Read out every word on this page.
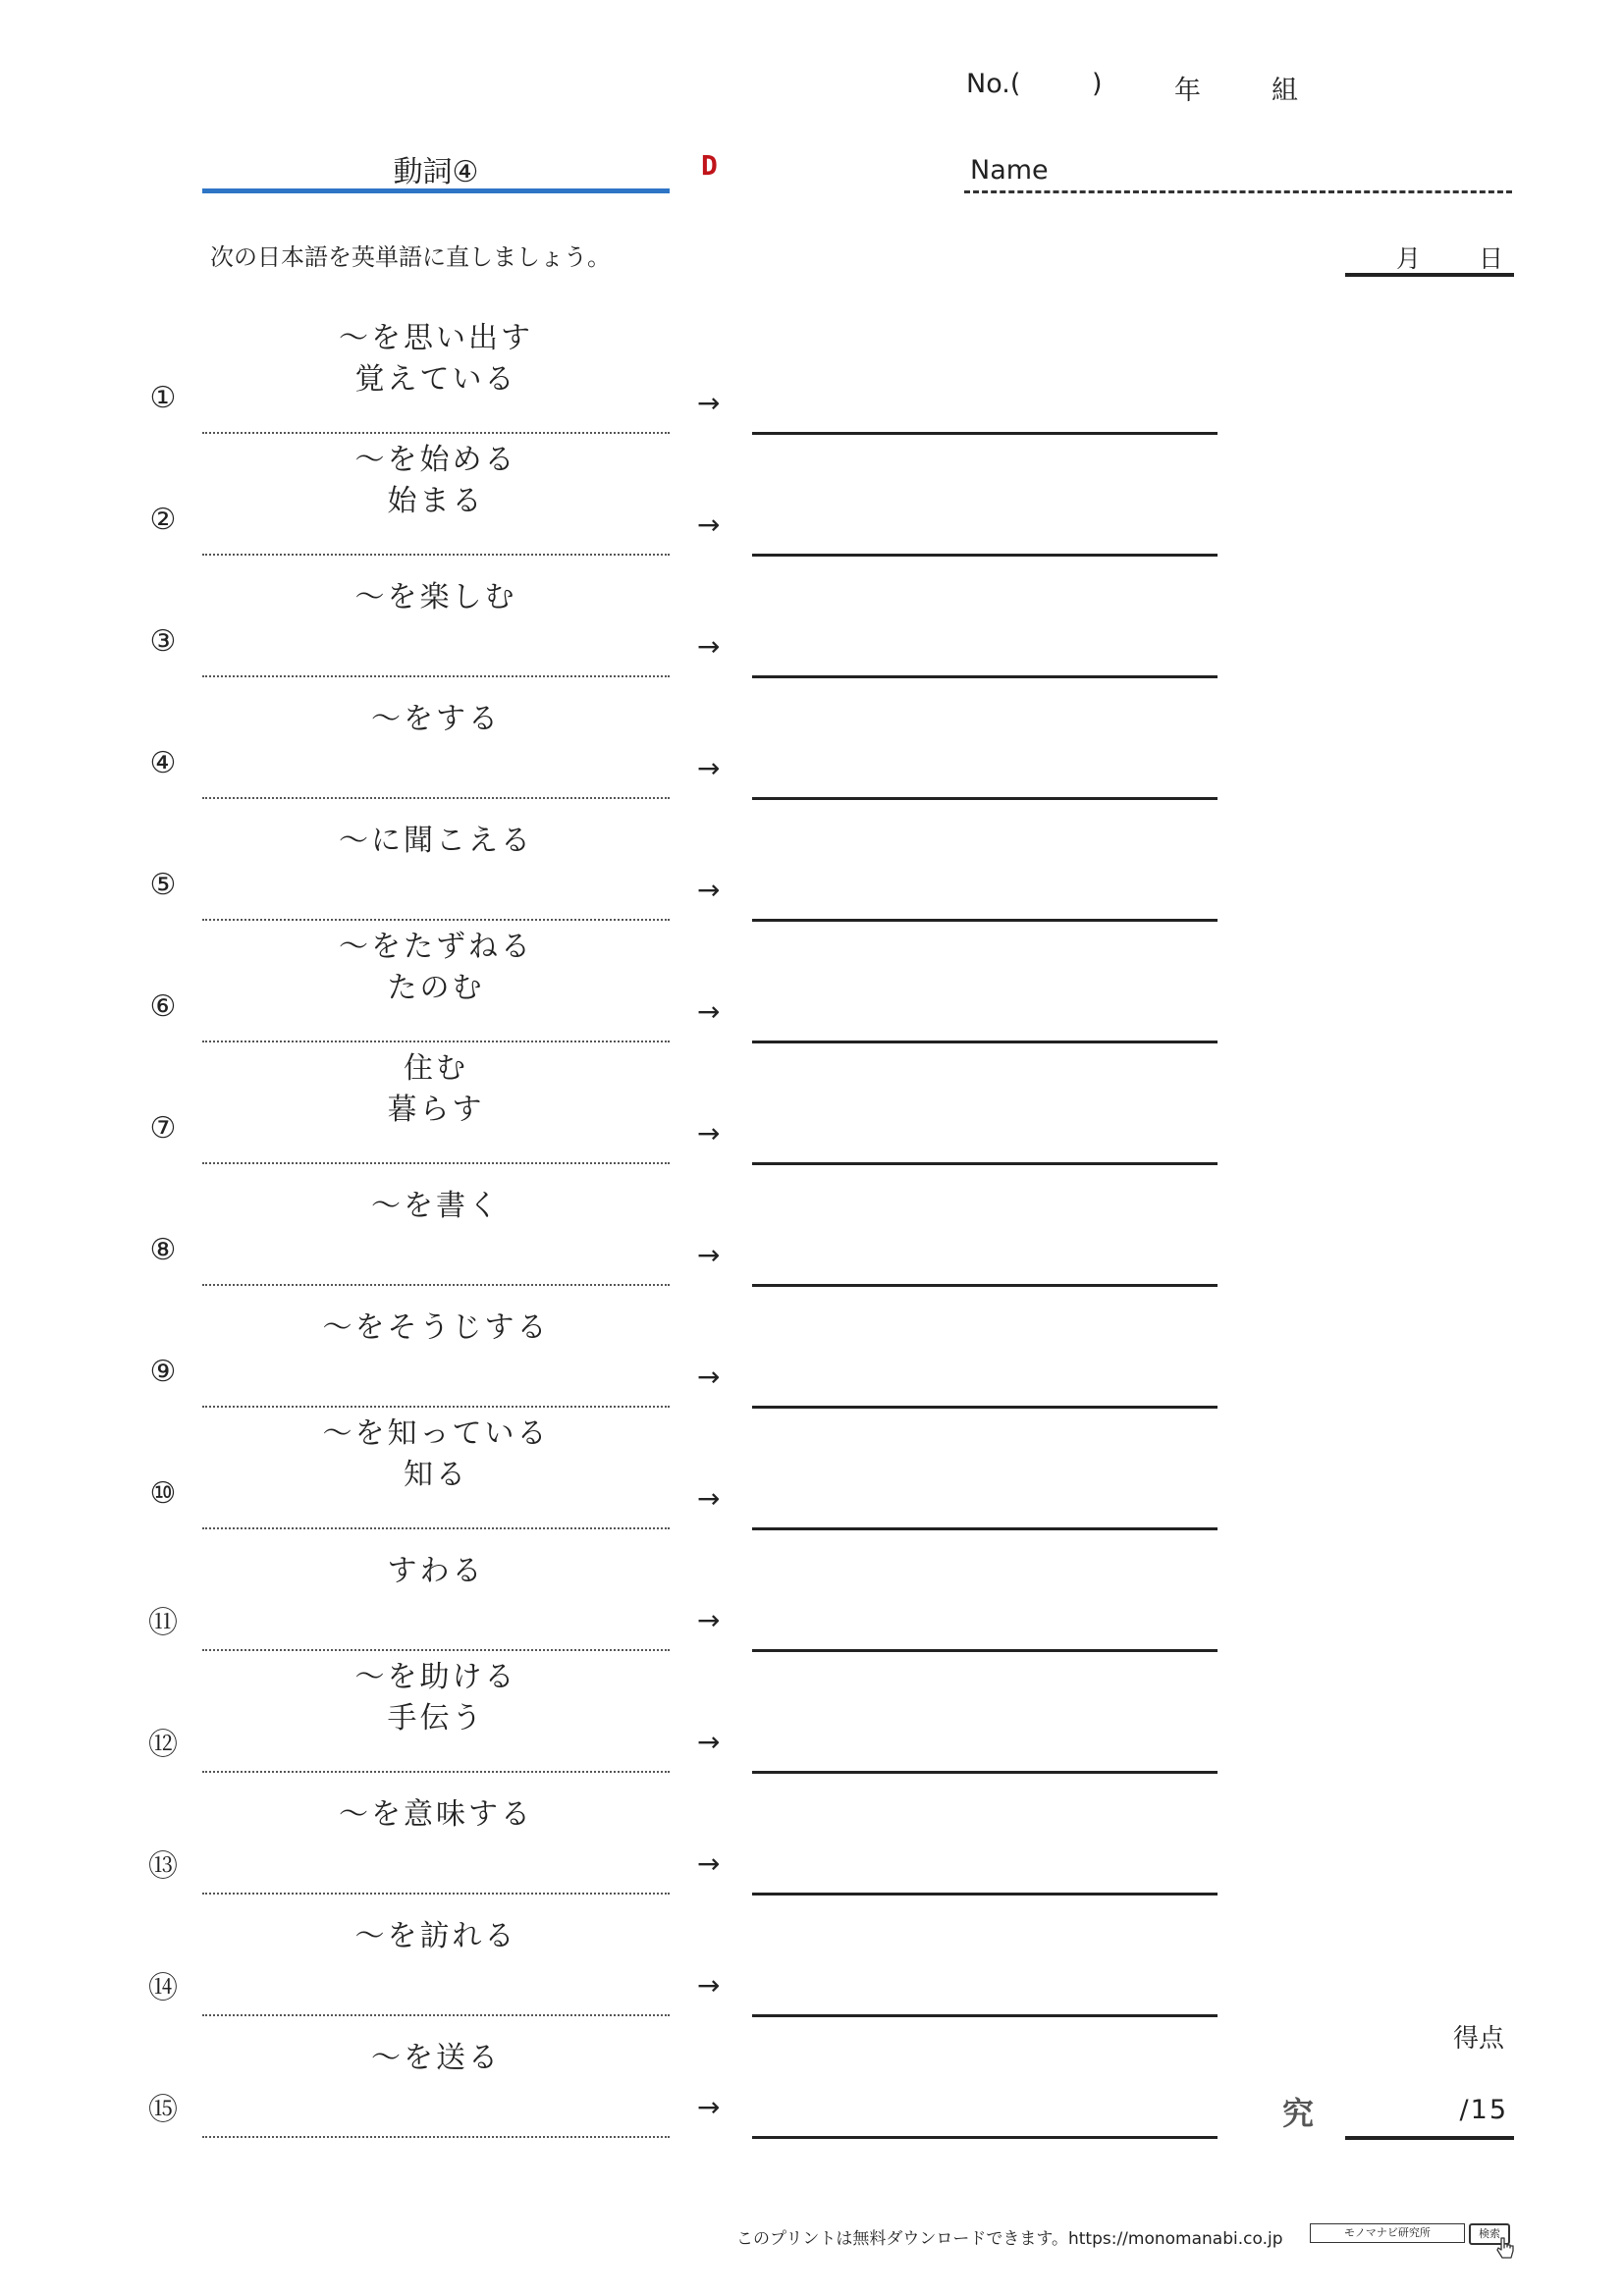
No.(	)	年	組
動詞④	D	Name
次の日本語を英単語に直しましょう。	月 日
①
～を思い出す
覚えている
→
②
～を始める
始まる
→
③
～を楽しむ
→
④
～をする
→
⑤
～に聞こえる
→
⑥
～をたずねる
たのむ
→
⑦
住む
暮らす
→
⑧
～を書く
→
⑨
～をそうじする
→
⑩
～を知っている
知る
→
⑪
すわる
→
⑫
～を助ける
手伝う
→
⑬
～を意味する
→
⑭
～を訪れる
→
⑮
～を送る
→
得点
究	/15
このプリントは無料ダウンロードできます。https://monomanabi.co.jp	モノマナビ研究所	検索
